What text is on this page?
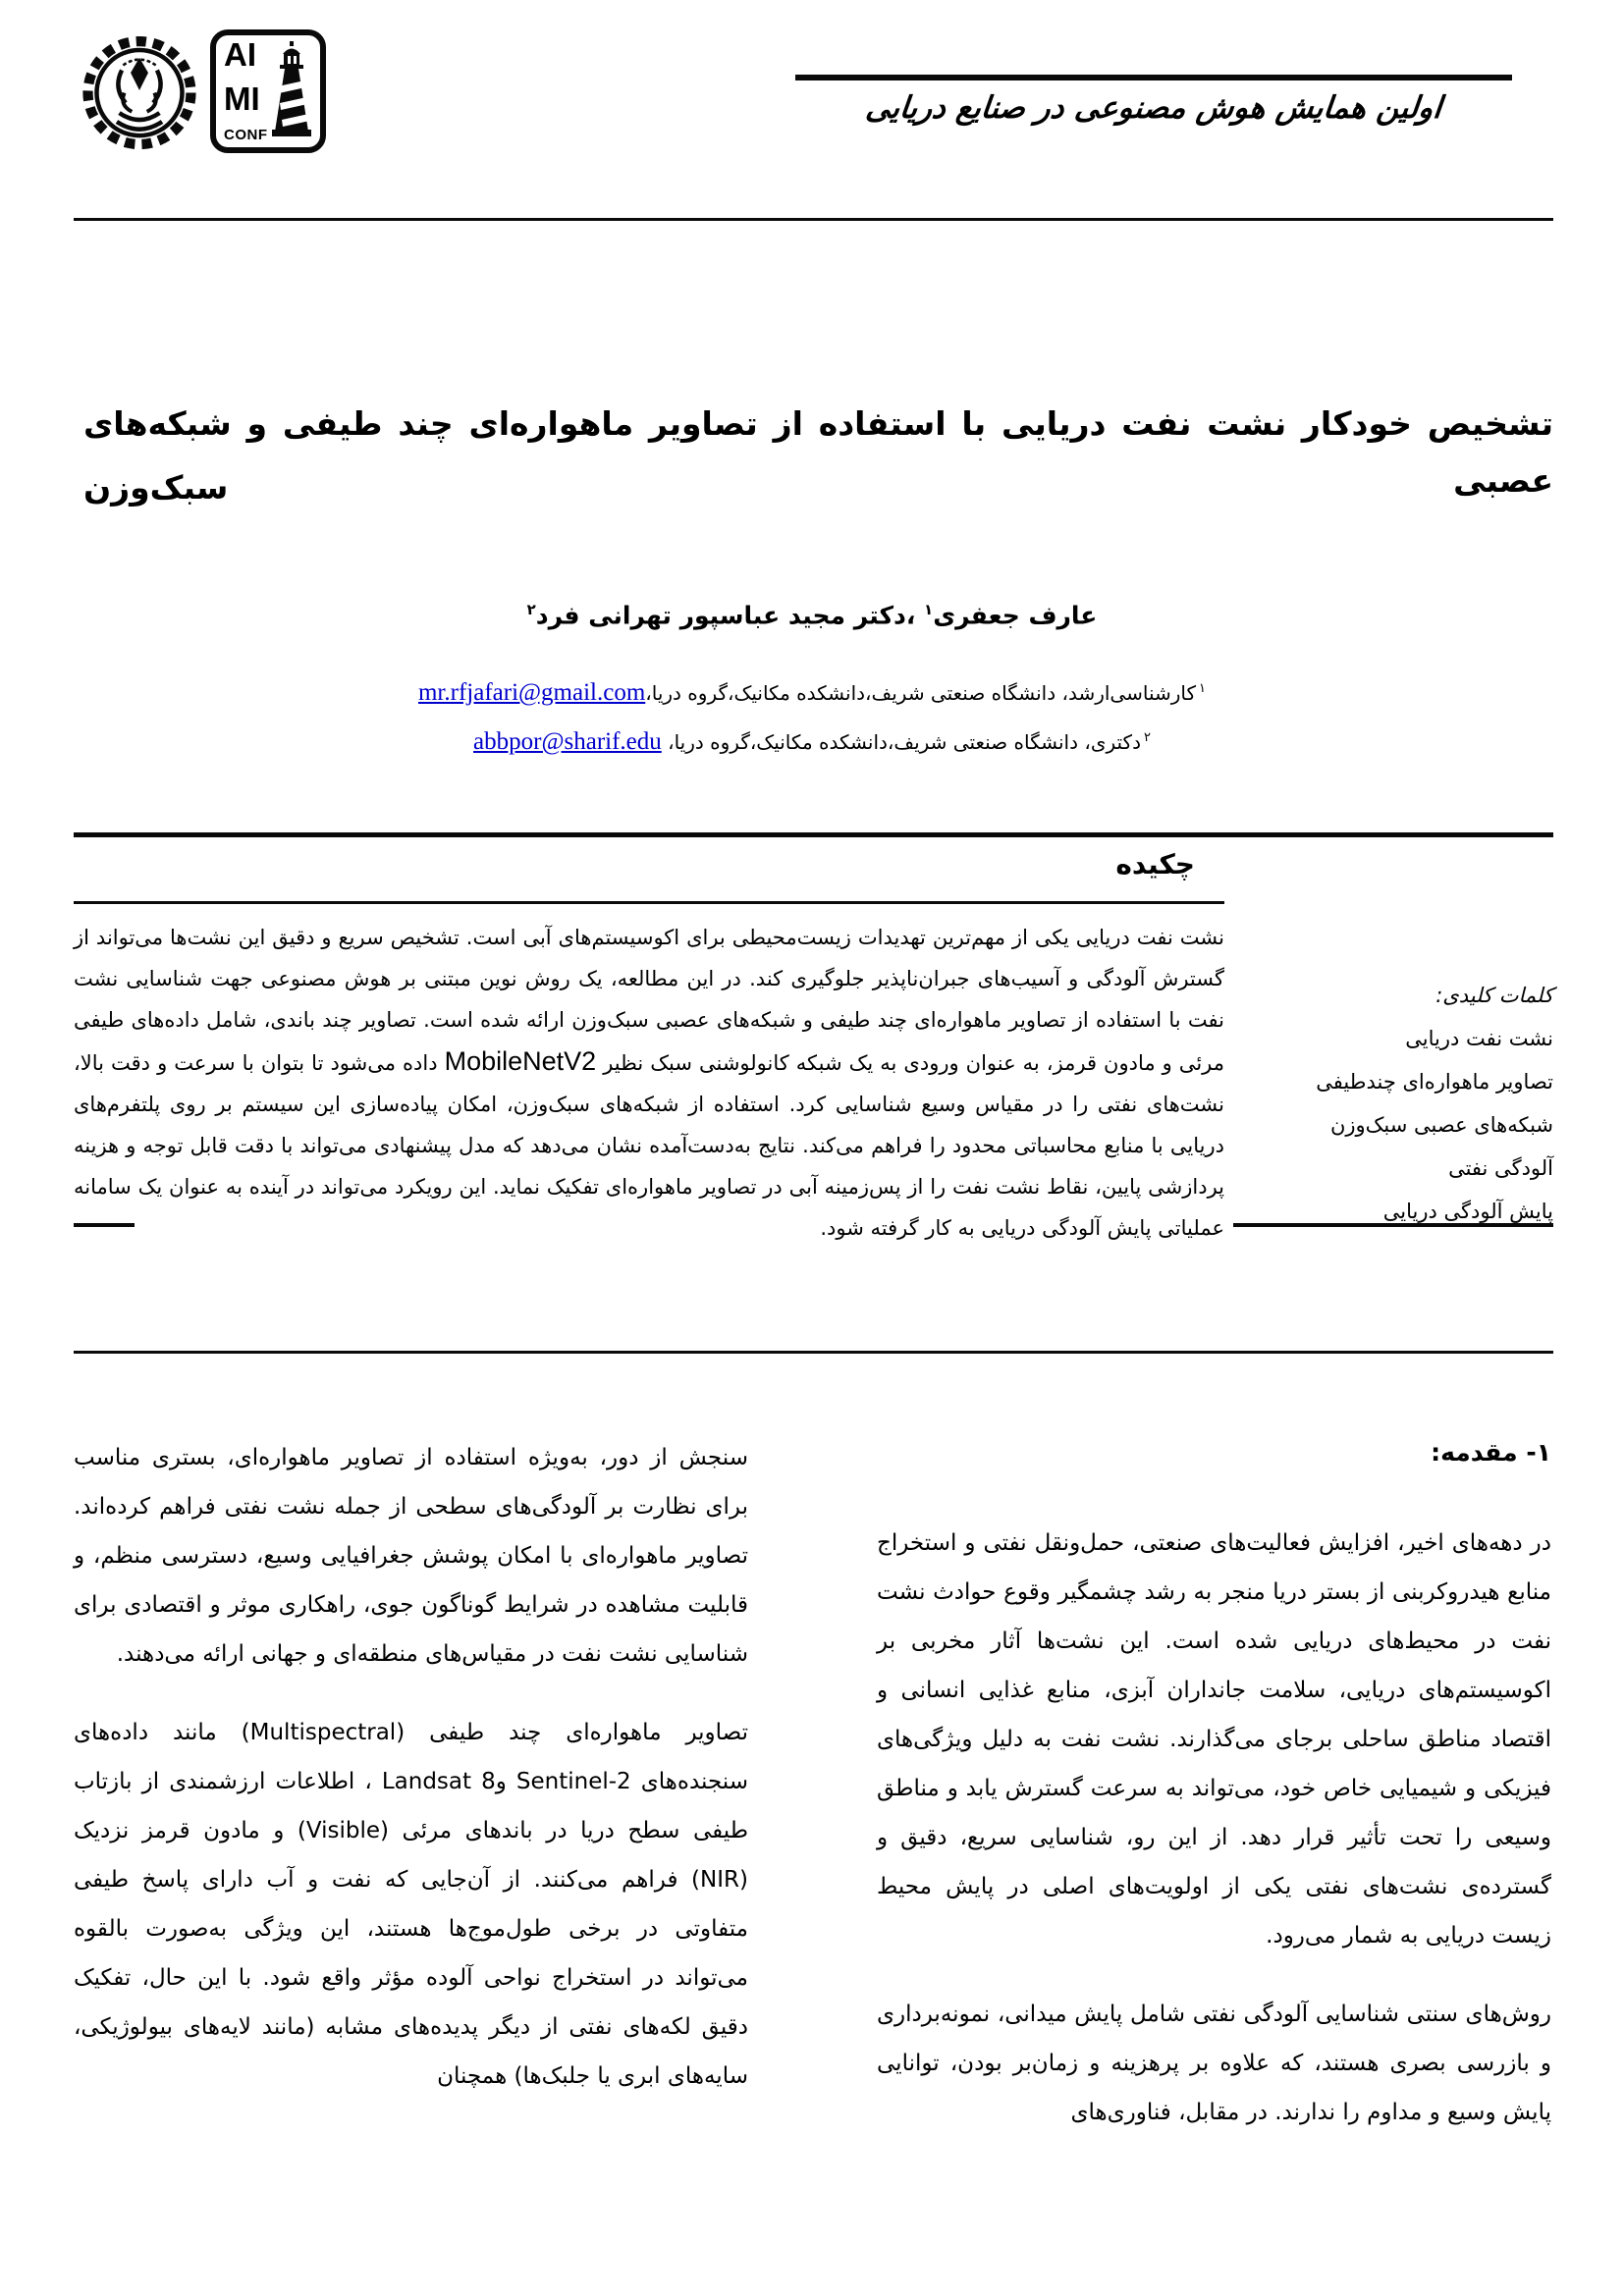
AI
MI
CONF
اولین همایش هوش مصنوعی در صنایع دریایی
تشخیص خودکار نشت نفت دریایی با استفاده از تصاویر ماهواره‌ای چند طیفی و شبکه‌های عصبی
سبک‌وزن
عارف جعفری$^۱$ ،دکتر مجید عباسپور تهرانی فرد$^۲$
$^۱$کارشناسی‌ارشد، دانشگاه صنعتی شریف،دانشکده مکانیک،گروه دریا،mr.rfjafari@gmail.com
$^۲$دکتری، دانشگاه صنعتی شریف،دانشکده مکانیک،گروه دریا، abbpor@sharif.edu
چکیده

نشت نفت دریایی یکی از مهم‌ترین تهدیدات زیست‌محیطی برای اکوسیستم‌های آبی است. تشخیص سریع و دقیق این نشت‌ها می‌تواند از گسترش آلودگی و آسیب‌های جبران‌ناپذیر جلوگیری کند. در این مطالعه، یک روش نوین مبتنی بر هوش مصنوعی جهت شناسایی نشت نفت با استفاده از تصاویر ماهواره‌ای چند طیفی و شبکه‌های عصبی سبک‌وزن ارائه شده است. تصاویر چند باندی، شامل داده‌های طیفی مرئی و مادون قرمز، به عنوان ورودی به یک شبکه کانولوشنی سبک نظیر MobileNetV2 داده می‌شود تا بتوان با سرعت و دقت بالا، نشت‌های نفتی را در مقیاس وسیع شناسایی کرد. استفاده از شبکه‌های سبک‌وزن، امکان پیاده‌سازی این سیستم بر روی پلتفرم‌های دریایی با منابع محاسباتی محدود را فراهم می‌کند. نتایج به‌دست‌آمده نشان می‌دهد که مدل پیشنهادی می‌تواند با دقت قابل توجه و هزینه پردازشی پایین، نقاط نشت نفت را از پس‌زمینه آبی در تصاویر ماهواره‌ای تفکیک نماید. این رویکرد می‌تواند در آینده به عنوان یک سامانه عملیاتی پایش آلودگی دریایی به کار گرفته شود.

کلمات کلیدی:
نشت نفت دریایی
تصاویر ماهواره‌ای چندطیفی
شبکه‌های عصبی سبک‌وزن
آلودگی نفتی
پایش آلودگی دریایی
۱- مقدمه:

در دهه‌های اخیر، افزایش فعالیت‌های صنعتی، حمل‌ونقل نفتی و استخراج منابع هیدروکربنی از بستر دریا منجر به رشد چشمگیر وقوع حوادث نشت نفت در محیط‌های دریایی شده است. این نشت‌ها آثار مخربی بر اکوسیستم‌های دریایی، سلامت جانداران آبزی، منابع غذایی انسانی و اقتصاد مناطق ساحلی برجای می‌گذارند. نشت نفت به دلیل ویژگی‌های فیزیکی و شیمیایی خاص خود، می‌تواند به سرعت گسترش یابد و مناطق وسیعی را تحت تأثیر قرار دهد. از این رو، شناسایی سریع، دقیق و گسترده‌ی نشت‌های نفتی یکی از اولویت‌های اصلی در پایش محیط زیست دریایی به شمار می‌رود.

روش‌های سنتی شناسایی آلودگی نفتی شامل پایش میدانی، نمونه‌برداری و بازرسی بصری هستند، که علاوه بر پرهزینه و زمان‌بر بودن، توانایی پایش وسیع و مداوم را ندارند. در مقابل، فناوری‌های

سنجش از دور، به‌ویژه استفاده از تصاویر ماهواره‌ای، بستری مناسب برای نظارت بر آلودگی‌های سطحی از جمله نشت نفتی فراهم کرده‌اند. تصاویر ماهواره‌ای با امکان پوشش جغرافیایی وسیع، دسترسی منظم، و قابلیت مشاهده در شرایط گوناگون جوی، راهکاری موثر و اقتصادی برای شناسایی نشت نفت در مقیاس‌های منطقه‌ای و جهانی ارائه می‌دهند.

تصاویر ماهواره‌ای چند طیفی (Multispectral) مانند داده‌های سنجنده‌های Sentinel-2 وLandsat 8 ، اطلاعات ارزشمندی از بازتاب طیفی سطح دریا در باندهای مرئی (Visible) و مادون قرمز نزدیک (NIR) فراهم می‌کنند. از آن‌جایی که نفت و آب دارای پاسخ طیفی متفاوتی در برخی طول‌موج‌ها هستند، این ویژگی به‌صورت بالقوه می‌تواند در استخراج نواحی آلوده مؤثر واقع شود. با این حال، تفکیک دقیق لکه‌های نفتی از دیگر پدیده‌های مشابه (مانند لایه‌های بیولوژیکی، سایه‌های ابری یا جلبک‌ها) همچنان
